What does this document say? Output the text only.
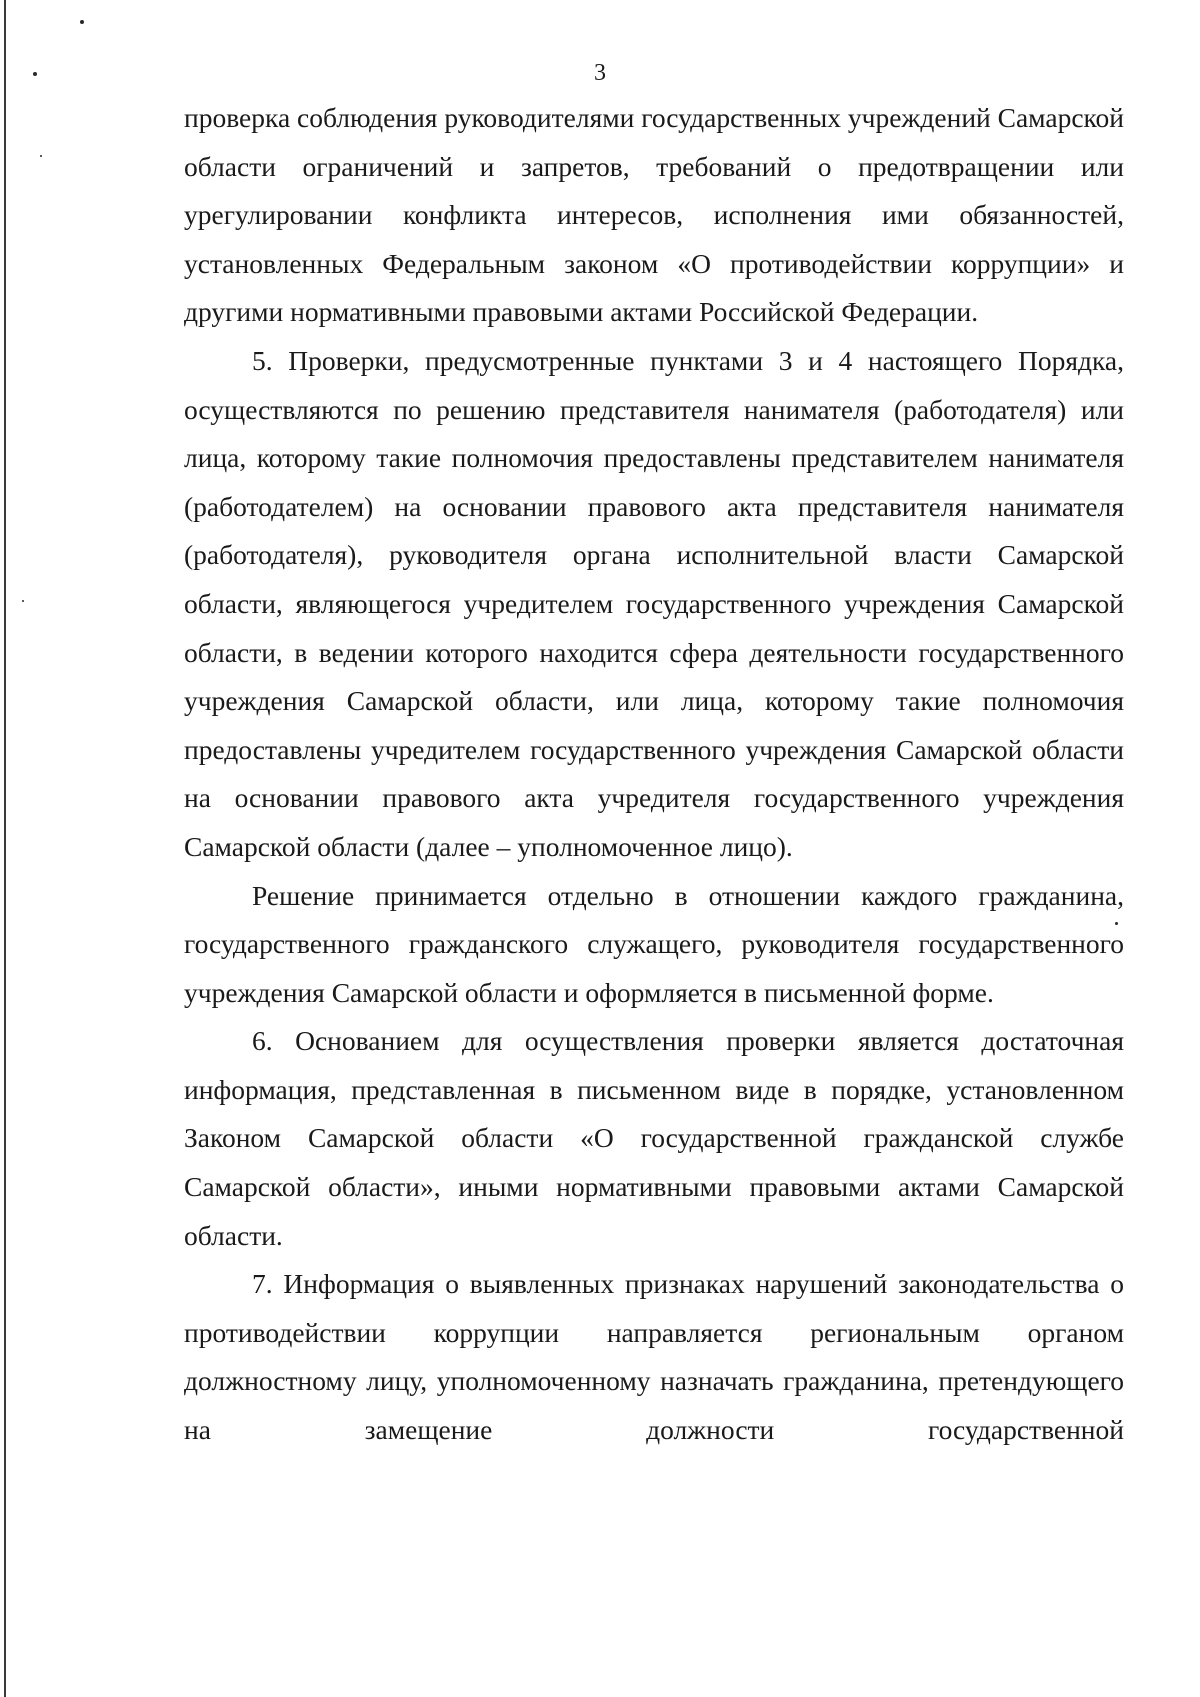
3

проверка соблюдения руководителями государственных учреждений Самарской области ограничений и запретов, требований о предотвращении или урегулировании конфликта интересов, исполнения ими обязанностей, установленных Федеральным законом «О противодействии коррупции» и другими нормативными правовыми актами Российской Федерации.

5. Проверки, предусмотренные пунктами 3 и 4 настоящего Порядка, осуществляются по решению представителя нанимателя (работодателя) или лица, которому такие полномочия предоставлены представителем нанимателя (работодателем) на основании правового акта представителя нанимателя (работодателя), руководителя органа исполнительной власти Самарской области, являющегося учредителем государственного учреждения Самарской области, в ведении которого находится сфера деятельности государственного учреждения Самарской области, или лица, которому такие полномочия предоставлены учредителем государственного учреждения Самарской области на основании правового акта учредителя государственного учреждения Самарской области (далее – уполномоченное лицо).

Решение принимается отдельно в отношении каждого гражданина, государственного гражданского служащего, руководителя государственного учреждения Самарской области и оформляется в письменной форме.

6. Основанием для осуществления проверки является достаточная информация, представленная в письменном виде в порядке, установленном Законом Самарской области «О государственной гражданской службе Самарской области», иными нормативными правовыми актами Самарской области.

7. Информация о выявленных признаках нарушений законодательства о противодействии коррупции направляется региональным органом должностному лицу, уполномоченному назначать гражданина, претендующего на замещение должности государственной
